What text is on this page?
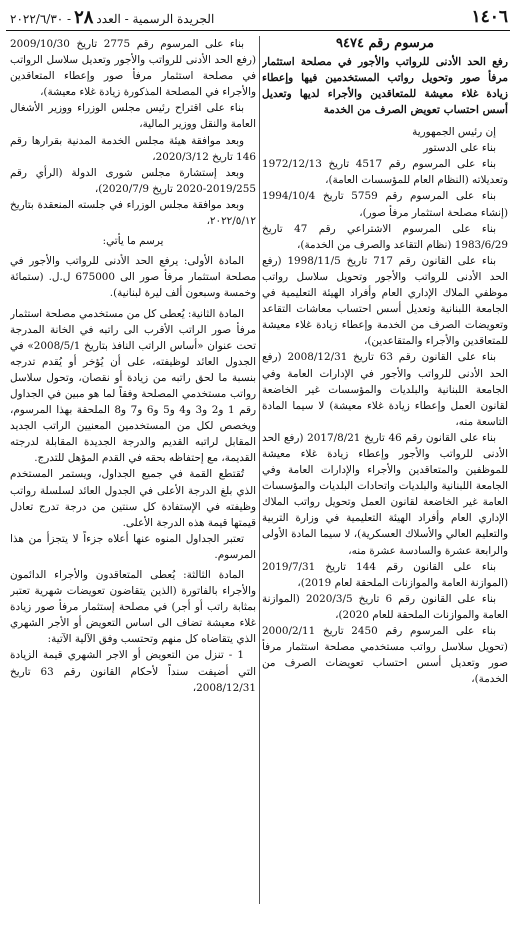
١٤٠٦
الجريدة الرسمية - العدد٢٨- ٢٠٢٢/٦/٣٠

مرسوم رقم ٩٤٧٤

رفع الحد الأدنى للرواتب والأجور في مصلحة استثمار مرفأ صور وتحويل رواتب المستخدمين فيها وإعطاء زيادة غلاء معيشة للمتعاقدين والأجراء لديها وتعديل أسس احتساب تعويض الصرف من الخدمة

إن رئيس الجمهورية

بناء على الدستور

بناء على المرسوم رقم 4517 تاريخ 1972/12/13 وتعديلاته (النظام العام للمؤسسات العامة)،

بناء على المرسوم رقم 5759 تاريخ 1994/10/4 (إنشاء مصلحة استثمار مرفأ صور)،

بناء على المرسوم الاشتراعي رقم 47 تاريخ 1983/6/29 (نظام التقاعد والصرف من الخدمة)،

بناء على القانون رقم 717 تاريخ 1998/11/5 (رفع الحد الأدنى للرواتب والأجور وتحويل سلاسل رواتب موظفي الملاك الإداري العام وأفراد الهيئة التعليمية في الجامعة اللبنانية وتعديل أسس احتساب معاشات التقاعد وتعويضات الصرف من الخدمة وإعطاء زيادة غلاء معيشة للمتعاقدين والأجراء والمتقاعدين)،

بناء على القانون رقم 63 تاريخ 2008/12/31 (رفع الحد الأدنى للرواتب والأجور في الإدارات العامة وفي الجامعة اللبنانية والبلديات والمؤسسات غير الخاضعة لقانون العمل وإعطاء زيادة غلاء معيشة) لا سيما المادة التاسعة منه،

بناء على القانون رقم 46 تاريخ 2017/8/21 (رفع الحد الأدنى للرواتب والأجور وإعطاء زيادة غلاء معيشة للموظفين والمتعاقدين والأجراء والإدارات العامة وفي الجامعة اللبنانية والبلديات واتحادات البلديات والمؤسسات العامة غير الخاضعة لقانون العمل وتحويل رواتب الملاك الإداري العام وأفراد الهيئة التعليمية في وزارة التربية والتعليم العالي والأسلاك العسكرية)، لا سيما المادة الأولى والرابعة عشرة والسادسة عشرة منه،

بناء على القانون رقم 144 تاريخ 2019/7/31 (الموازنة العامة والموازنات الملحقة لعام 2019)،

بناء على القانون رقم 6 تاريخ 2020/3/5 (الموازنة العامة والموازنات الملحقة للعام 2020)،

بناء على المرسوم رقم 2450 تاريخ 2000/2/11 (تحويل سلاسل رواتب مستخدمي مصلحة استثمار مرفأ صور وتعديل أسس احتساب تعويضات الصرف من الخدمة)،

بناء على المرسوم رقم 2775 تاريخ 2009/10/30 (رفع الحد الأدنى للرواتب والأجور وتعديل سلاسل الرواتب في مصلحة استثمار مرفأ صور وإعطاء المتعاقدين والأجراء في المصلحة المذكورة زيادة غلاء معيشة)،

بناء على اقتراح رئيس مجلس الوزراء ووزير الأشغال العامة والنقل ووزير المالية،

وبعد موافقة هيئة مجلس الخدمة المدنية بقرارها رقم 146 تاريخ 2020/3/12،

وبعد إستشارة مجلس شورى الدولة (الرأي رقم 2019/255-2020 تاريخ 2020/7/9)،

وبعد موافقة مجلس الوزراء في جلسته المنعقدة بتاريخ ٢٠٢٢/٥/١٢،

يرسم ما يأتي:

المادة الأولى: يرفع الحد الأدنى للرواتب والأجور في مصلحة استثمار مرفأ صور الى 675000 ل.ل. (ستمائة وخمسة وسبعون ألف ليرة لبنانية).

المادة الثانية: يُعطى كل من مستخدمي مصلحة استثمار مرفأ صور الراتب الأقرب الى راتبه في الخانة المدرجة تحت عنوان «أساس الراتب النافذ بتاريخ 2008/5/1» في الجدول العائد لوظيفته، على أن يُؤخر أو يُقدم تدرجه بنسبة ما لحق راتبه من زيادة أو نقصان، وتحول سلاسل رواتب مستخدمي المصلحة وفقاً لما هو مبين في الجداول رقم 1 و2 و3 و4 و5 و6 و7 و8 الملحقة بهذا المرسوم، ويخصص لكل من المستخدمين المعنيين الراتب الجديد المقابل لراتبه القديم والدرجة الجديدة المقابلة لدرجته القديمة، مع إحتفاظه بحقه في القدم المؤهل للتدرج.

تُقتطع القمة في جميع الجداول، ويستمر المستخدم الذي بلغ الدرجة الأعلى في الجدول العائد لسلسلة رواتب وظيفته في الإستفادة كل سنتين من درجة تدرج تعادل قيمتها قيمة هذه الدرجة الأعلى.

تعتبر الجداول المنوه عنها أعلاه جزءاً لا يتجزأ من هذا المرسوم.

المادة الثالثة: يُعطى المتعاقدون والأجراء الدائمون والأجراء بالفاتورة (الذين يتقاضون تعويضات شهرية تعتبر بمثابة راتب أو أجر) في مصلحة إستثمار مرفأ صور زيادة غلاء معيشة تضاف الى اساس التعويض أو الأجر الشهري الذي يتقاضاه كل منهم وتحتسب وفق الآلية الآتية:

1 - تنزل من التعويض أو الاجر الشهري قيمة الزيادة التي أضيفت سنداً لأحكام القانون رقم 63 تاريخ 2008/12/31،
